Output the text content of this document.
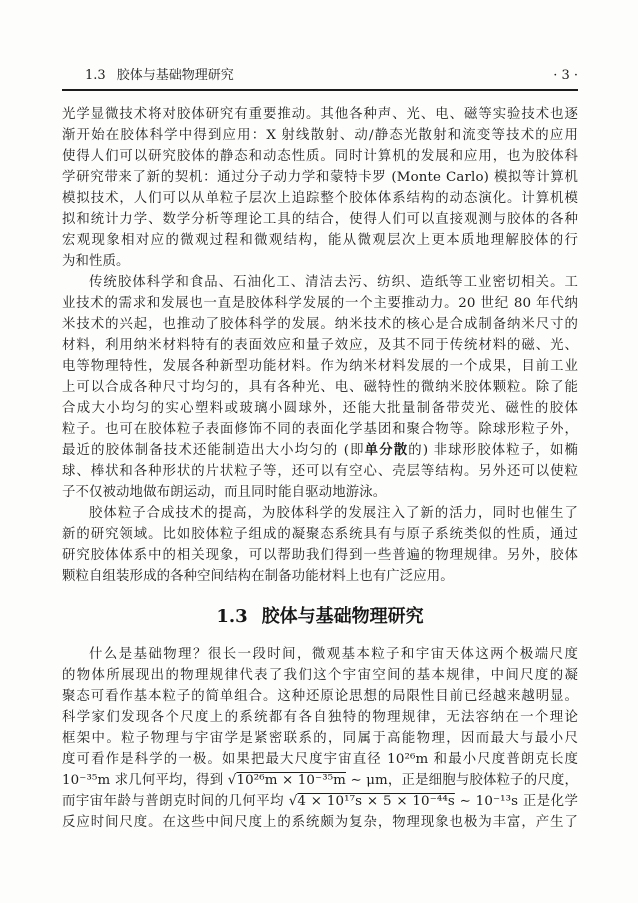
1.3 胶体与基础物理研究	· 3 ·
光学显微技术将对胶体研究有重要推动。其他各种声、光、电、磁等实验技术也逐
渐开始在胶体科学中得到应用：X 射线散射、动/静态光散射和流变等技术的应用
使得人们可以研究胶体的静态和动态性质。同时计算机的发展和应用，也为胶体科
学研究带来了新的契机：通过分子动力学和蒙特卡罗 (Monte Carlo) 模拟等计算机
模拟技术，人们可以从单粒子层次上追踪整个胶体体系结构的动态演化。计算机模
拟和统计力学、数学分析等理论工具的结合，使得人们可以直接观测与胶体的各种
宏观现象相对应的微观过程和微观结构，能从微观层次上更本质地理解胶体的行
为和性质。
传统胶体科学和食品、石油化工、清洁去污、纺织、造纸等工业密切相关。工
业技术的需求和发展也一直是胶体科学发展的一个主要推动力。20 世纪 80 年代纳
米技术的兴起，也推动了胶体科学的发展。纳米技术的核心是合成制备纳米尺寸的
材料，利用纳米材料特有的表面效应和量子效应，及其不同于传统材料的磁、光、
电等物理特性，发展各种新型功能材料。作为纳米材料发展的一个成果，目前工业
上可以合成各种尺寸均匀的，具有各种光、电、磁特性的微纳米胶体颗粒。除了能
合成大小均匀的实心塑料或玻璃小圆球外，还能大批量制备带荧光、磁性的胶体
粒子。也可在胶体粒子表面修饰不同的表面化学基团和聚合物等。除球形粒子外，
最近的胶体制备技术还能制造出大小均匀的 (即单分散的) 非球形胶体粒子，如椭
球、棒状和各种形状的片状粒子等，还可以有空心、壳层等结构。另外还可以使粒
子不仅被动地做布朗运动，而且同时能自驱动地游泳。
胶体粒子合成技术的提高，为胶体科学的发展注入了新的活力，同时也催生了
新的研究领域。比如胶体粒子组成的凝聚态系统具有与原子系统类似的性质，通过
研究胶体体系中的相关现象，可以帮助我们得到一些普遍的物理规律。另外，胶体
颗粒自组装形成的各种空间结构在制备功能材料上也有广泛应用。
1.3 胶体与基础物理研究
什么是基础物理？很长一段时间，微观基本粒子和宇宙天体这两个极端尺度
的物体所展现出的物理规律代表了我们这个宇宙空间的基本规律，中间尺度的凝
聚态可看作基本粒子的简单组合。这种还原论思想的局限性目前已经越来越明显。
科学家们发现各个尺度上的系统都有各自独特的物理规律，无法容纳在一个理论
框架中。粒子物理与宇宙学是紧密联系的，同属于高能物理，因而最大与最小尺
度可看作是科学的一极。如果把最大尺度宇宙直径 10²⁶m 和最小尺度普朗克长度
10⁻³⁵m 求几何平均，得到 √10²⁶m × 10⁻³⁵m ∼ μm，正是细胞与胶体粒子的尺度，
而宇宙年龄与普朗克时间的几何平均 √4 × 10¹⁷s × 5 × 10⁻⁴⁴s ∼ 10⁻¹³s 正是化学
反应时间尺度。在这些中间尺度上的系统颇为复杂，物理现象也极为丰富，产生了
